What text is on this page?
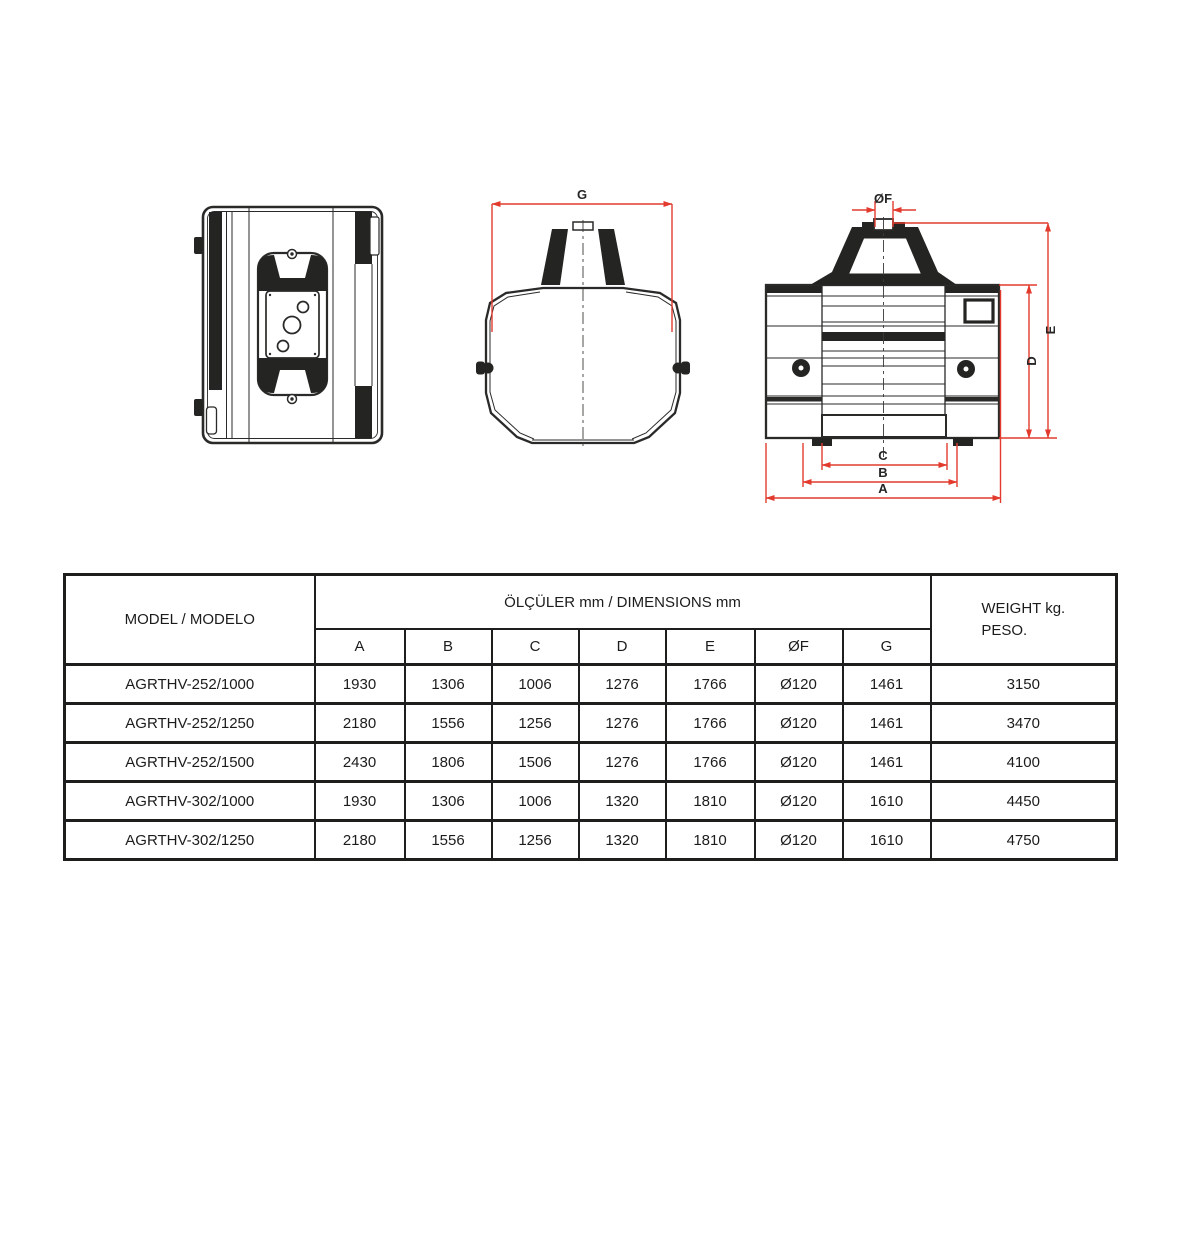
G	ØF
E
D
C
B
A
MODEL / MODELO	ÖLÇÜLER mm / DIMENSIONS mm							WEIGHT kg.
PESO.
	A	B	C	D	E	ØF	G	
AGRTHV-252/1000	1930	1306	1006	1276	1766	Ø120	1461	3150
AGRTHV-252/1250	2180	1556	1256	1276	1766	Ø120	1461	3470
AGRTHV-252/1500	2430	1806	1506	1276	1766	Ø120	1461	4100
AGRTHV-302/1000	1930	1306	1006	1320	1810	Ø120	1610	4450
AGRTHV-302/1250	2180	1556	1256	1320	1810	Ø120	1610	4750
